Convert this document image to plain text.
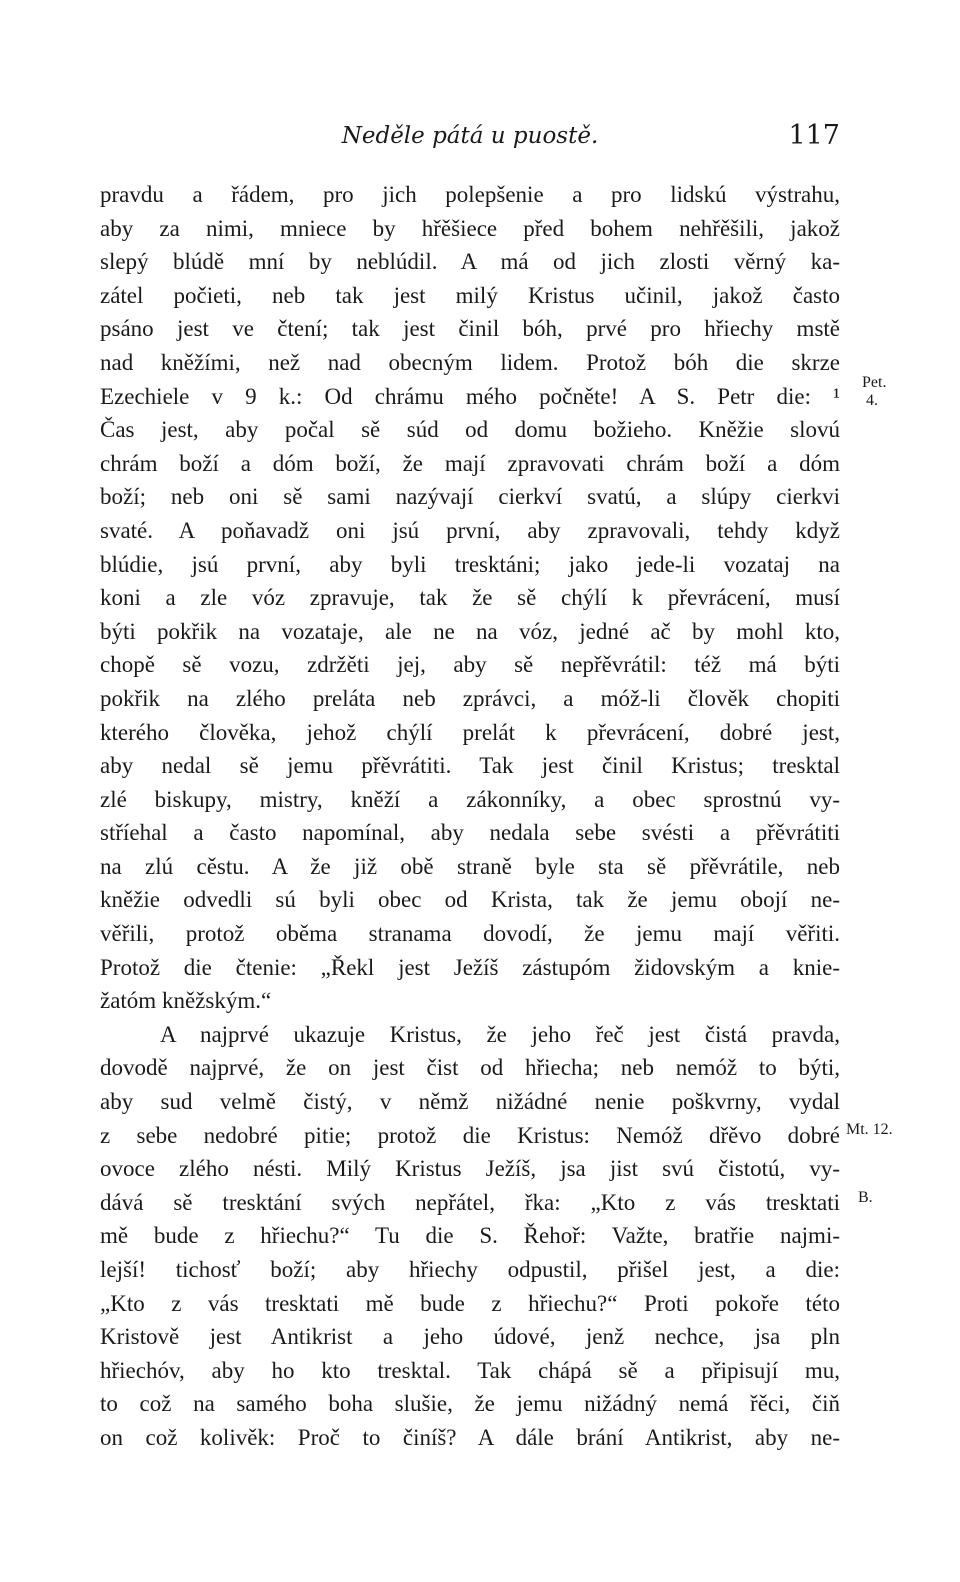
Neděle pátá u puostě.	117
pravdu a řádem, pro jich polepšenie a pro lidskú výstrahu,
aby za nimi, mniece by hřěšiece před bohem nehřěšili, jakož
slepý blúdě mní by neblúdil. A má od jich zlosti věrný ka-
zátel počieti, neb tak jest milý Kristus učinil, jakož často
psáno jest ve čtení; tak jest činil bóh, prvé pro hřiechy mstě
nad kněžími, než nad obecným lidem. Protož bóh die skrze
Ezechiele v 9 k.: Od chrámu mého počněte! A S. Petr die: ¹
Čas jest, aby počal sě súd od domu božieho. Kněžie slovú
chrám boží a dóm boží, že mají zpravovati chrám boží a dóm
boží; neb oni sě sami nazývají cierkví svatú, a slúpy cierkvi
svaté. A poňavadž oni jsú první, aby zpravovali, tehdy když
blúdie, jsú první, aby byli tresktáni; jako jede-li vozataj na
koni a zle vóz zpravuje, tak že sě chýlí k převrácení, musí
býti pokřik na vozataje, ale ne na vóz, jedné ač by mohl kto,
chopě sě vozu, zdržěti jej, aby sě nepřěvrátil: též má býti
pokřik na zlého preláta neb zprávci, a móž-li člověk chopiti
kterého člověka, jehož chýlí prelát k převrácení, dobré jest,
aby nedal sě jemu přěvrátiti. Tak jest činil Kristus; tresktal
zlé biskupy, mistry, kněží a zákonníky, a obec sprostnú vy-
stříehal a často napomínal, aby nedala sebe svésti a přěvrátiti
na zlú cěstu. A že již obě straně byle sta sě přěvrátile, neb
kněžie odvedli sú byli obec od Krista, tak že jemu obojí ne-
věřili, protož oběma stranama dovodí, že jemu mají věřiti.
Protož die čtenie: „Řekl jest Ježíš zástupóm židovským a knie-
žatóm kněžským.“
A najprvé ukazuje Kristus, že jeho řeč jest čistá pravda,
dovodě najprvé, že on jest čist od hřiecha; neb nemóž to býti,
aby sud velmě čistý, v němž nižádné nenie poškvrny, vydal
z sebe nedobré pitie; protož die Kristus: Nemóž dřěvo dobré
ovoce zlého nésti. Milý Kristus Ježíš, jsa jist svú čistotú, vy-
dává sě tresktání svých nepřátel, řka: „Kto z vás tresktati
mě bude z hřiechu?“ Tu die S. Řehoř: Važte, bratřie najmi-
lejší! tichosť boží; aby hřiechy odpustil, přišel jest, a die:
„Kto z vás tresktati mě bude z hřiechu?“ Proti pokoře této
Kristově jest Antikrist a jeho údové, jenž nechce, jsa pln
hřiechóv, aby ho kto tresktal. Tak chápá sě a připisují mu,
to což na samého boha slušie, že jemu nižádný nemá řěci, čiň
on což kolivěk: Proč to činíš? A dále brání Antikrist, aby ne-
Pet.
4.
Mt. 12.
B.
